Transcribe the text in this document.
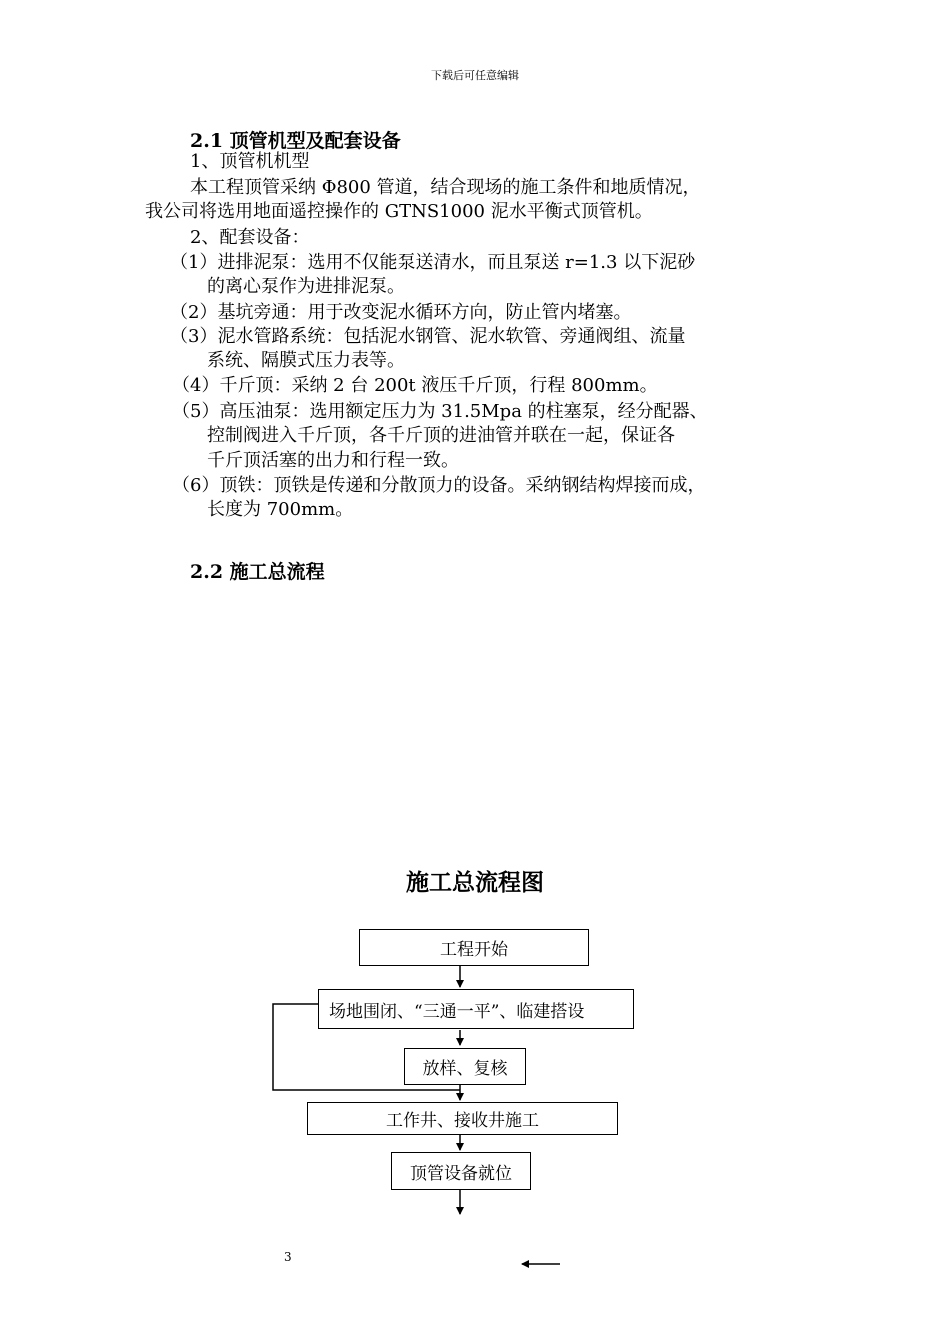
下载后可任意编辑
2.1 顶管机型及配套设备
1、顶管机机型
本工程顶管采纳 Φ800 管道，结合现场的施工条件和地质情况，
我公司将选用地面遥控操作的 GTNS1000 泥水平衡式顶管机。
2、配套设备：
（1）进排泥泵：选用不仅能泵送清水，而且泵送 r=1.3 以下泥砂
的离心泵作为进排泥泵。
（2）基坑旁通：用于改变泥水循环方向，防止管内堵塞。
（3）泥水管路系统：包括泥水钢管、泥水软管、旁通阀组、流量
系统、隔膜式压力表等。
（4）千斤顶：采纳 2 台 200t 液压千斤顶，行程 800mm。
（5）高压油泵：选用额定压力为 31.5Mpa 的柱塞泵，经分配器、
控制阀进入千斤顶，各千斤顶的进油管并联在一起，保证各
千斤顶活塞的出力和行程一致。
（6）顶铁：顶铁是传递和分散顶力的设备。采纳钢结构焊接而成，
长度为 700mm。
2.2 施工总流程
施工总流程图
工程开始
场地围闭、“三通一平”、临建搭设
放样、复核
工作井、接收井施工
顶管设备就位
3
